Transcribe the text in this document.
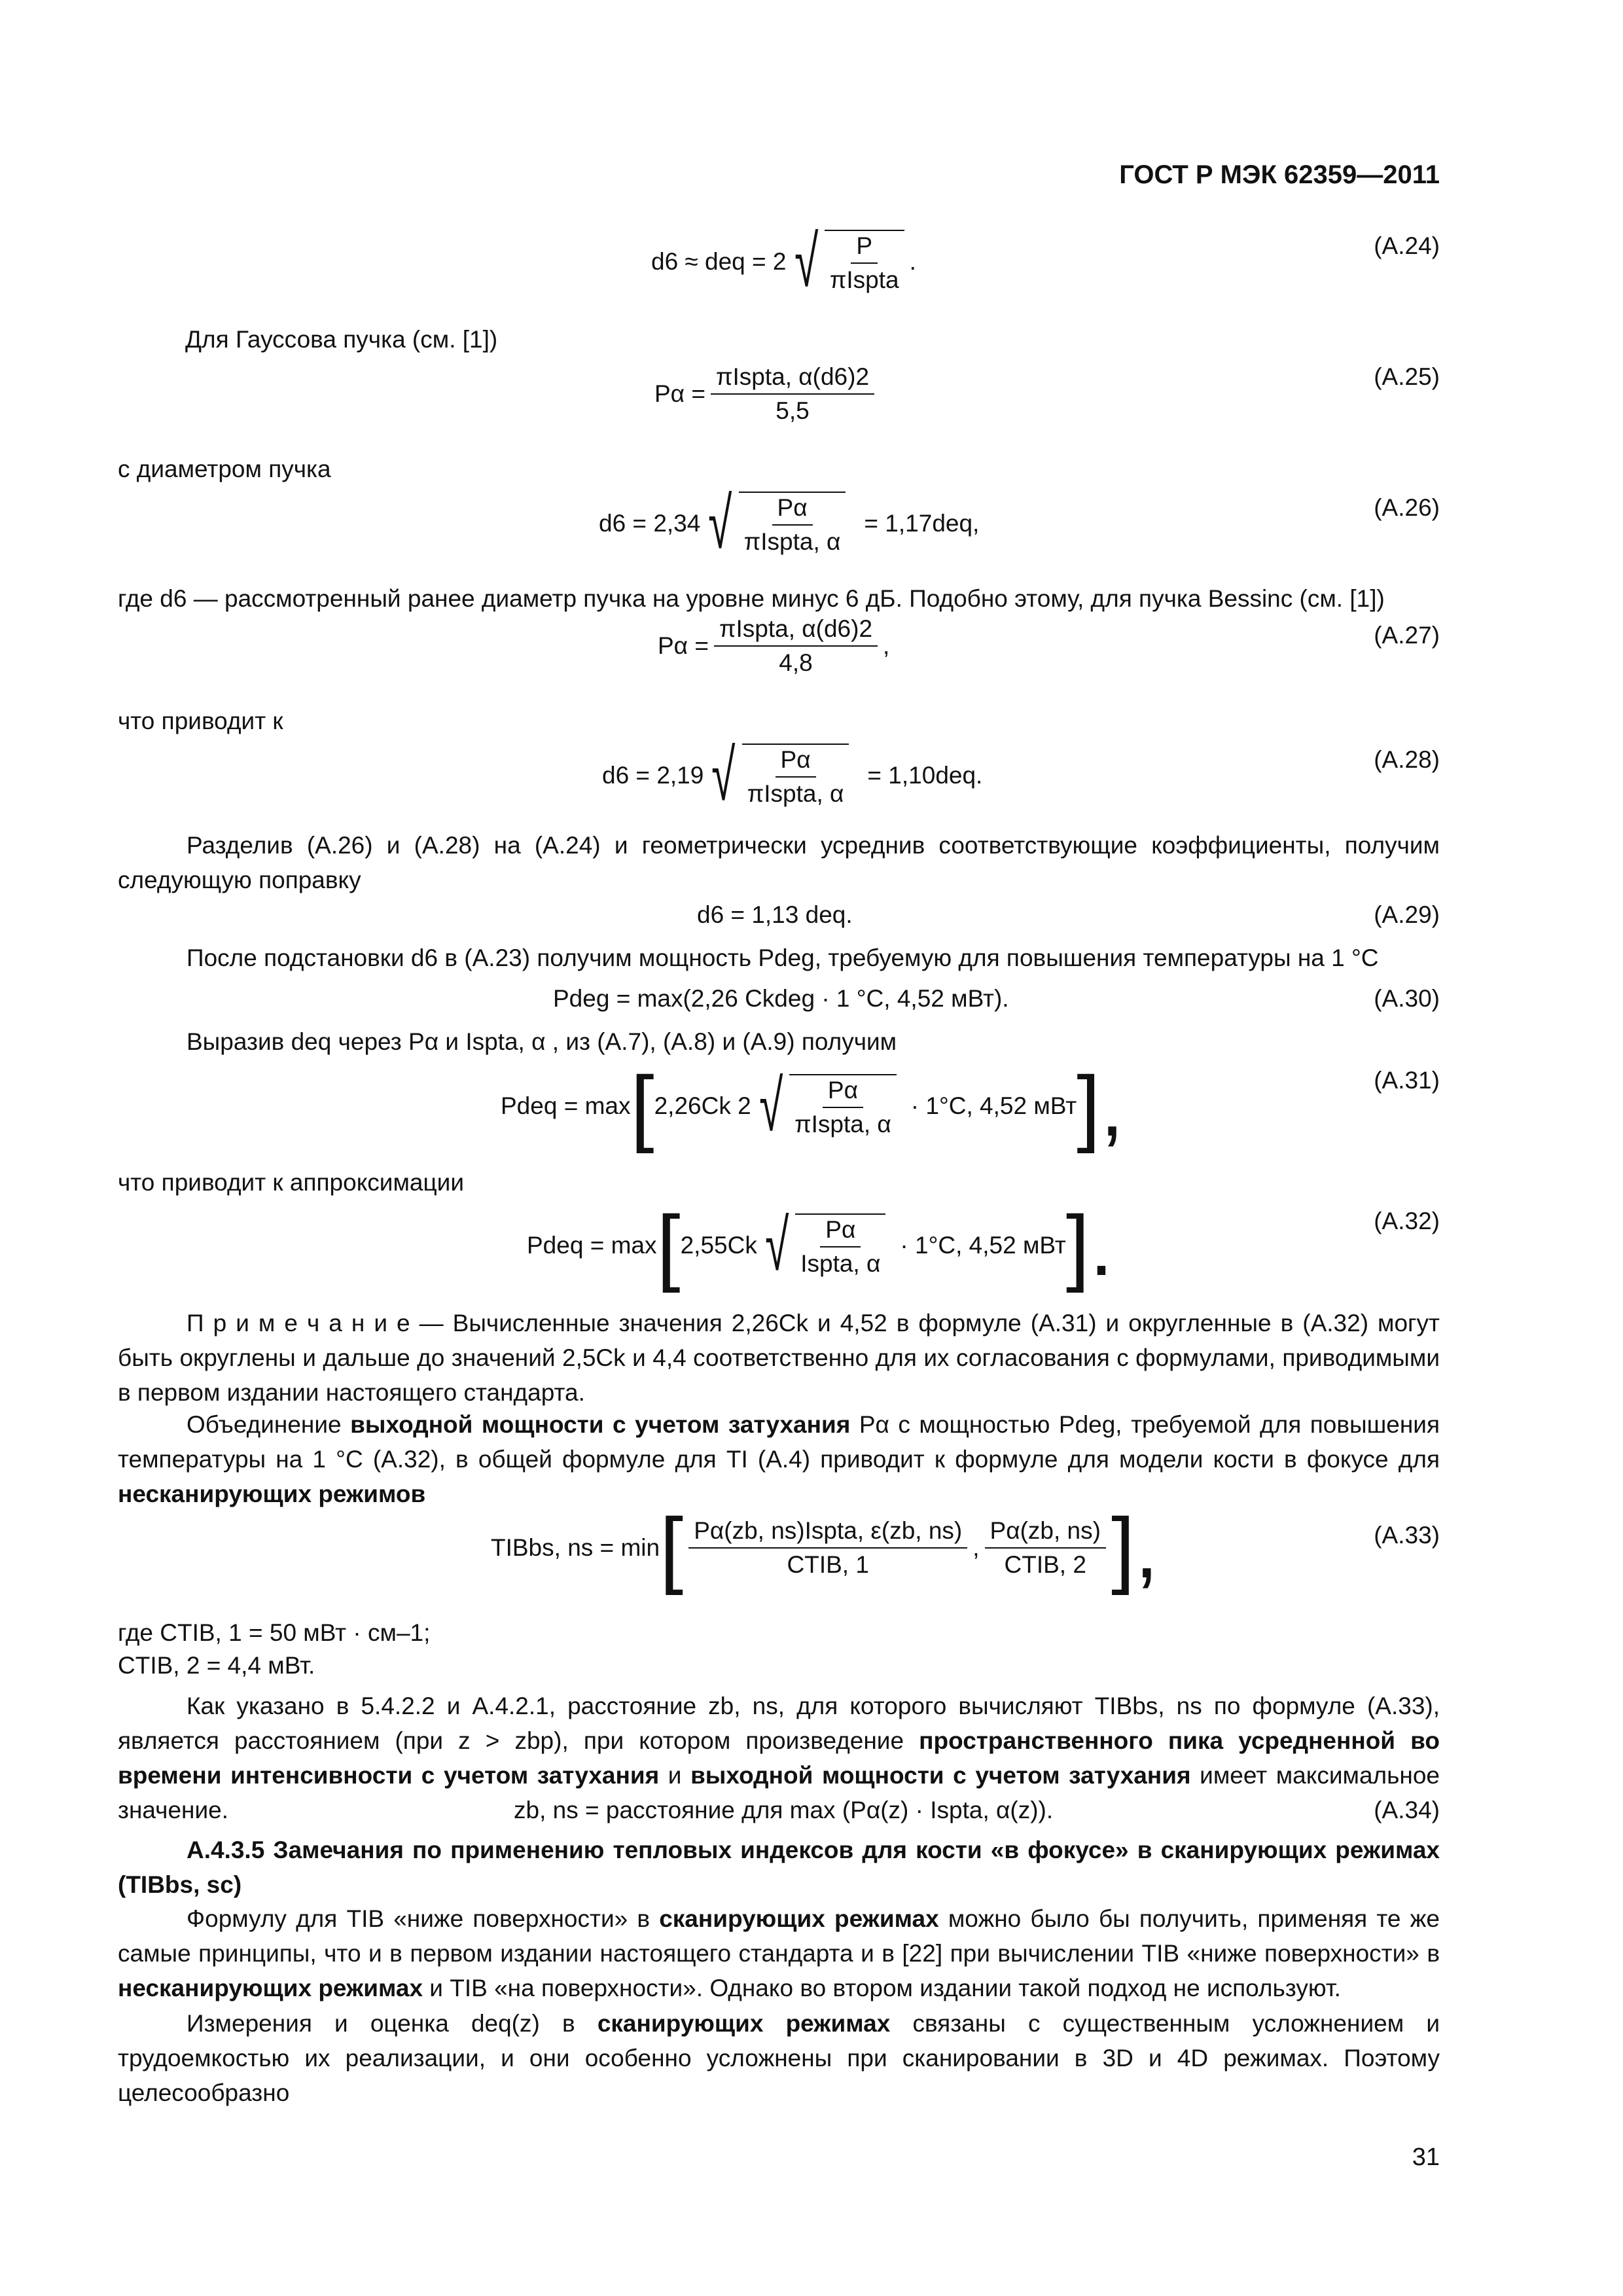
ГОСТ Р МЭК 62359—2011
d6 ≈ deq = 2 √ $\frac{P}{\text{πIspta}}$ .
(А.24)
Для Гауссова пучка (см. [1])
$P\alpha = \frac{\text{πIspta, α(d6)2}}{5,5}$	(А.25)
с диаметром пучка
d6 = 2,34 √ $\frac{P\alpha}{\text{πIspta, α}} = 1,17deq$,
(А.26)
где d6 — рассмотренный ранее диаметр пучка на уровне минус 6 дБ. Подобно этому, для пучка Bessinc (см. [1])
$P\alpha = \frac{\text{πIspta, α(d6)2}}{4,8}$ ,	(А.27)
что приводит к
d6 = 2,19 √ $\frac{P\alpha}{\text{πIspta, α}} = 1,10deq$.
(А.28)
Разделив (А.26) и (А.28) на (А.24) и геометрически усреднив соответствующие коэффициенты, получим следующую поправку
d6 = 1,13 deq.	(А.29)
После подстановки d6 в (А.23) получим мощность Pdeg, требуемую для повышения температуры на 1 °С
Pdeg = max(2,26 Ckdeg · 1 °С, 4,52 мВт).	(А.30)
Выразив deq через Pα и Ispta, α , из (А.7), (А.8) и (А.9) получим
Pdeq = max [ 2,26Ck 2 √ $\frac{P\alpha}{\text{πIspta, α}} \cdot 1^\circ C$, 4,52 мВт ],	(А.31)
что приводит к аппроксимации
Pdeq = max [ 2,55Ck √ $\frac{P\alpha}{\text{Ispta, α}} \cdot 1^\circ C$, 4,52 мВт ].	(А.32)
П р и м е ч а н и е — Вычисленные значения 2,26Ck и 4,52 в формуле (А.31) и округленные в (А.32) могут быть округлены и дальше до значений 2,5Ck и 4,4 соответственно для их согласования с формулами, приводимыми в первом издании настоящего стандарта.
Объединение выходной мощности с учетом затухания Pα с мощностью Pdeg, требуемой для повышения температуры на 1 °С (А.32), в общей формуле для TI (А.4) приводит к формуле для модели кости в фокусе для несканирующих режимов
TIBbs, ns = min [ $\frac{\text{Pα(zb, ns)Ispta, ε(zb, ns)}}{\text{CTIB, 1}}$ , $\frac{P\alpha(zb, ns)}{\text{CTIB, 2}}$ ],	(А.33)
где CTIB, 1 = 50 мВт · см–1;
CTIB, 2 = 4,4 мВт.
Как указано в 5.4.2.2 и А.4.2.1, расстояние zb, ns, для которого вычисляют TIBbs, ns по формуле (А.33), является расстоянием (при z > zbp), при котором произведение пространственного пика усредненной во времени интенсивности с учетом затухания и выходной мощности с учетом затухания имеет максимальное значение.	zb, ns = расстояние для max (Pα(z) · Ispta, α(z)).	(А.34)
А.4.3.5 Замечания по применению тепловых индексов для кости «в фокусе» в сканирующих режимах (TIBbs, sc)
Формулу для TIB «ниже поверхности» в сканирующих режимах можно было бы получить, применяя те же самые принципы, что и в первом издании настоящего стандарта и в [22] при вычислении TIB «ниже поверхности» в несканирующих режимах и TIB «на поверхности». Однако во втором издании такой подход не используют.
Измерения и оценка deq(z) в сканирующих режимах связаны с существенным усложнением и трудоемкостью их реализации, и они особенно усложнены при сканировании в 3D и 4D режимах. Поэтому целесообразно
31
